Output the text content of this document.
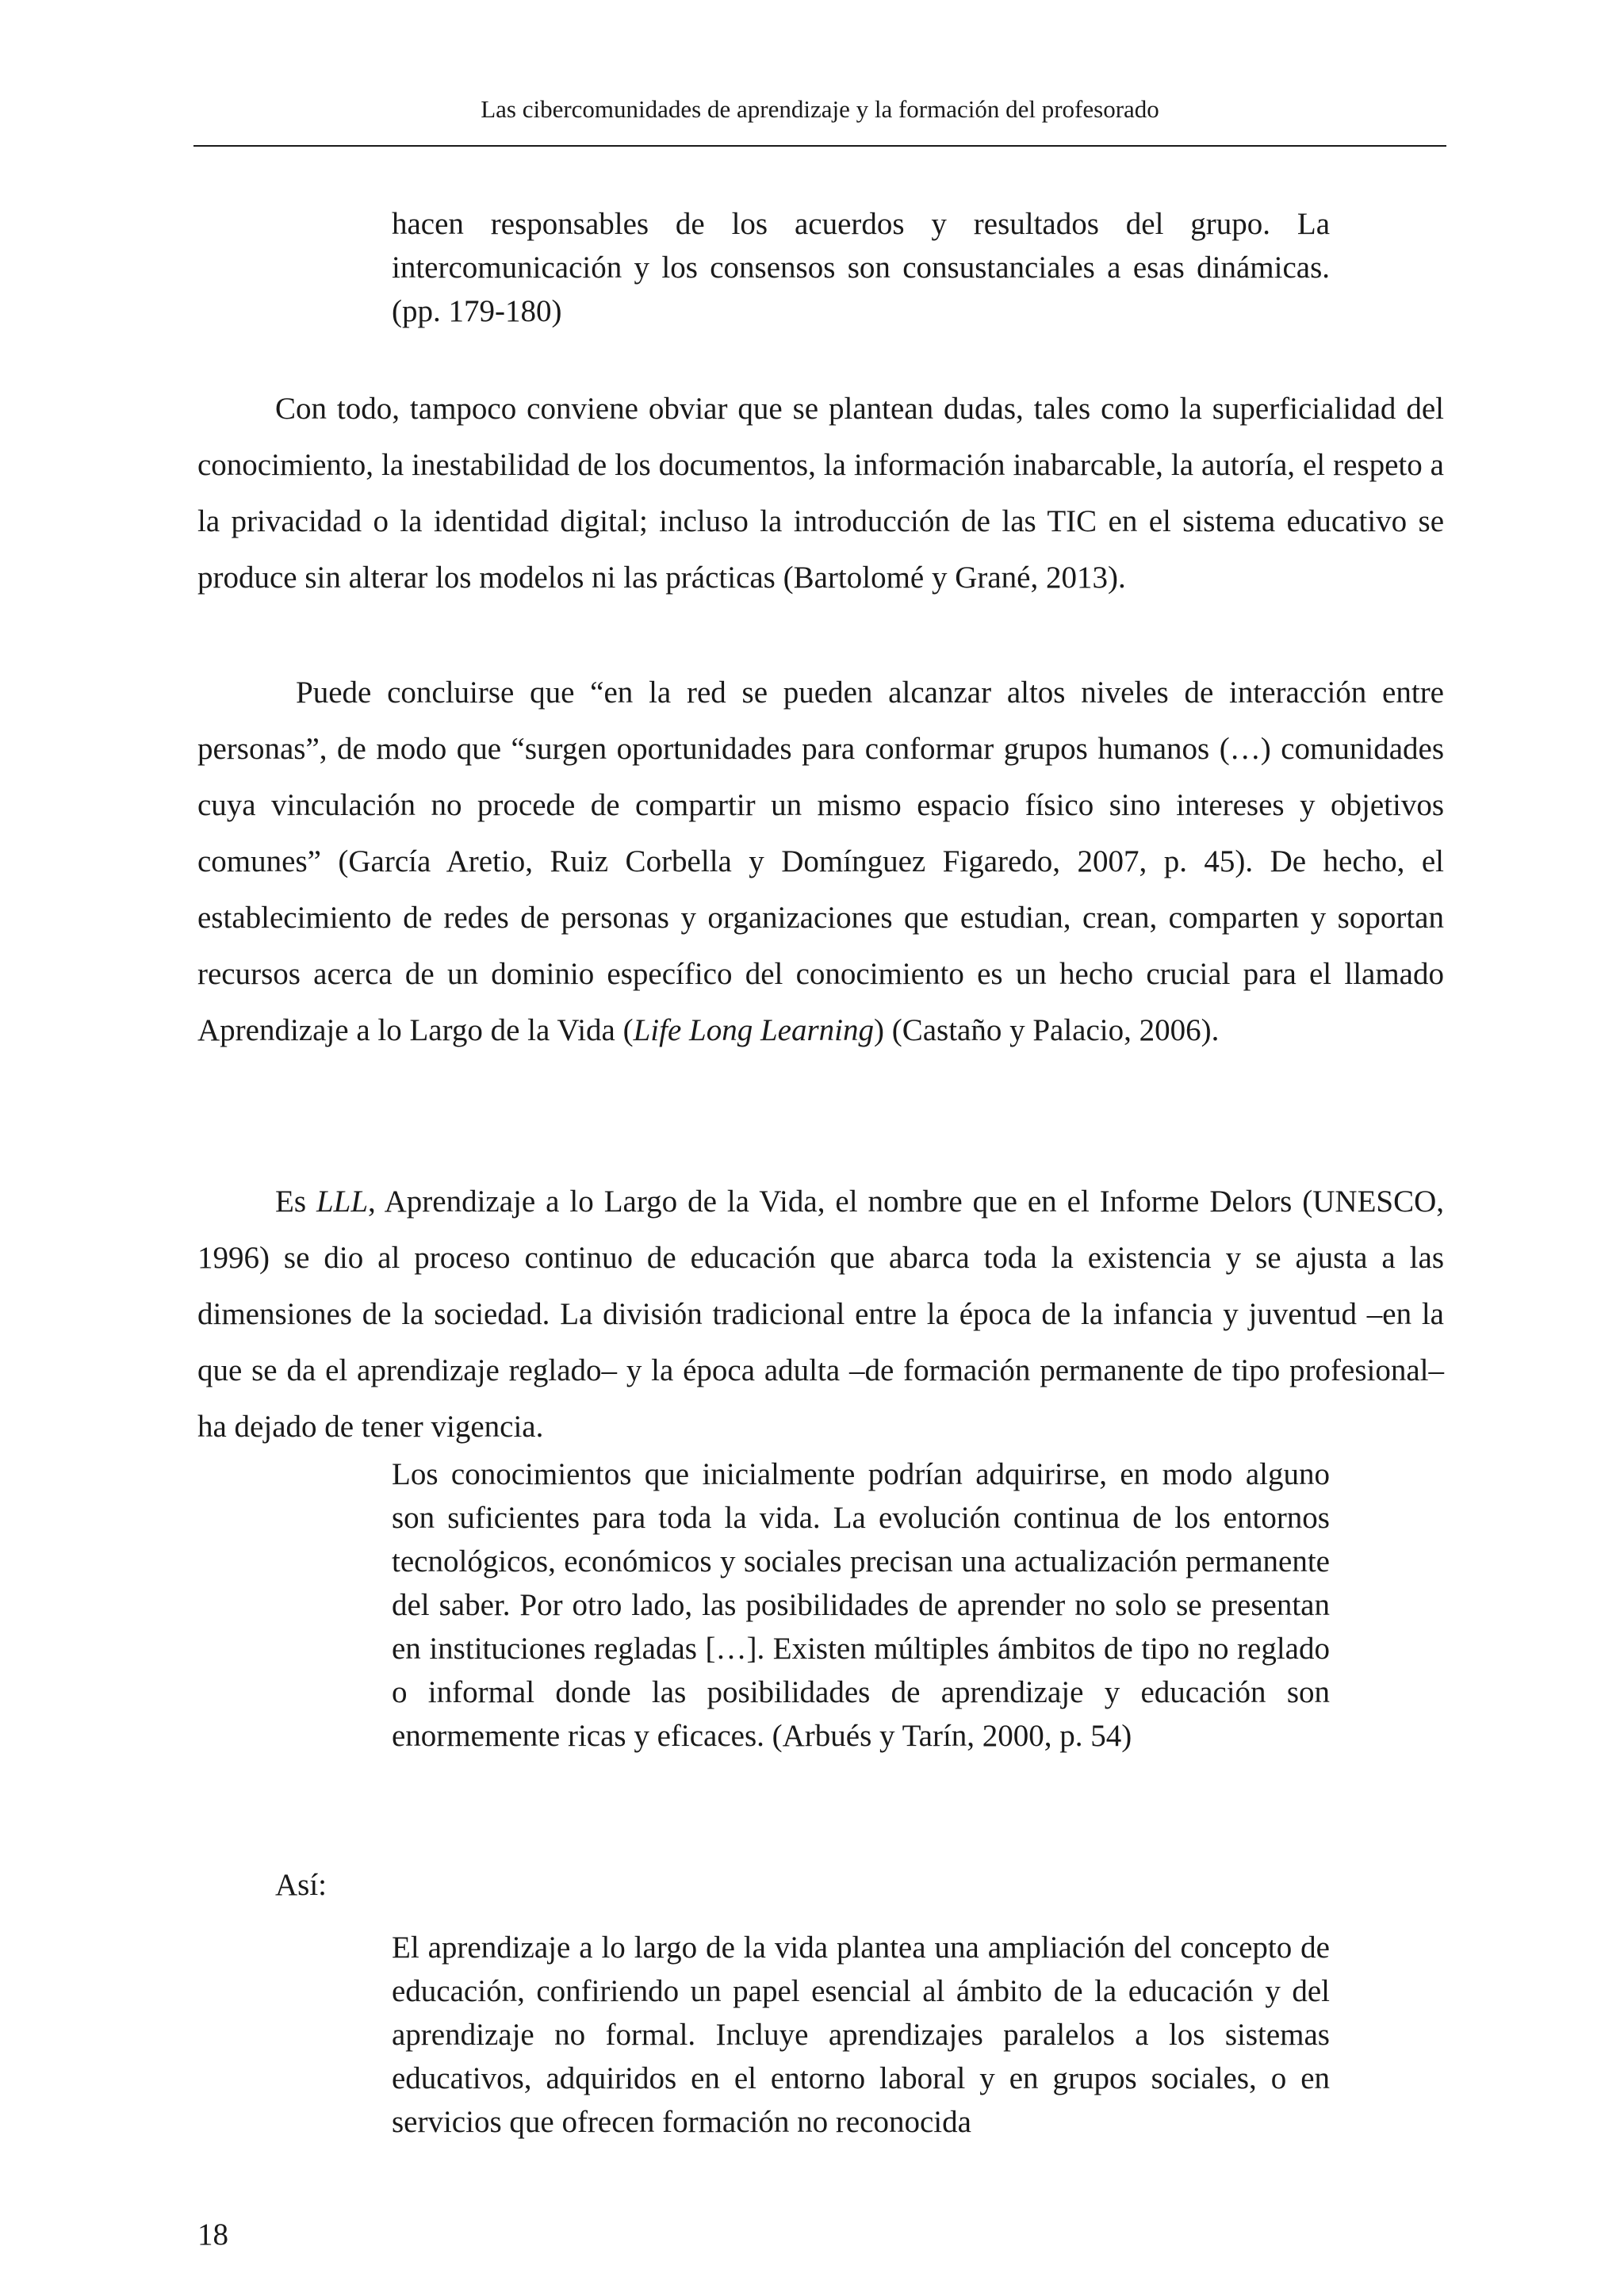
Las cibercomunidades de aprendizaje y la formación del profesorado

hacen responsables de los acuerdos y resultados del grupo. La intercomunicación y los consensos son consustanciales a esas dinámicas. (pp. 179-180)

Con todo, tampoco conviene obviar que se plantean dudas, tales como la superficialidad del conocimiento, la inestabilidad de los documentos, la información inabarcable, la autoría, el respeto a la privacidad o la identidad digital; incluso la introducción de las TIC en el sistema educativo se produce sin alterar los modelos ni las prácticas (Bartolomé y Grané, 2013).

Puede concluirse que “en la red se pueden alcanzar altos niveles de interacción entre personas”, de modo que “surgen oportunidades para conformar grupos humanos (…) comunidades cuya vinculación no procede de compartir un mismo espacio físico sino intereses y objetivos comunes” (García Aretio, Ruiz Corbella y Domínguez Figaredo, 2007, p. 45). De hecho, el establecimiento de redes de personas y organizaciones que estudian, crean, comparten y soportan recursos acerca de un dominio específico del conocimiento es un hecho crucial para el llamado Aprendizaje a lo Largo de la Vida (Life Long Learning) (Castaño y Palacio, 2006).

Es LLL, Aprendizaje a lo Largo de la Vida, el nombre que en el Informe Delors (UNESCO, 1996) se dio al proceso continuo de educación que abarca toda la existencia y se ajusta a las dimensiones de la sociedad. La división tradicional entre la época de la infancia y juventud –en la que se da el aprendizaje reglado– y la época adulta –de formación permanente de tipo profesional– ha dejado de tener vigencia.

Los conocimientos que inicialmente podrían adquirirse, en modo alguno son suficientes para toda la vida. La evolución continua de los entornos tecnológicos, económicos y sociales precisan una actualización permanente del saber. Por otro lado, las posibilidades de aprender no solo se presentan en instituciones regladas […]. Existen múltiples ámbitos de tipo no reglado o informal donde las posibilidades de aprendizaje y educación son enormemente ricas y eficaces. (Arbués y Tarín, 2000, p. 54)

Así:

El aprendizaje a lo largo de la vida plantea una ampliación del concepto de educación, confiriendo un papel esencial al ámbito de la educación y del aprendizaje no formal. Incluye aprendizajes paralelos a los sistemas educativos, adquiridos en el entorno laboral y en grupos sociales, o en servicios que ofrecen formación no reconocida

18
